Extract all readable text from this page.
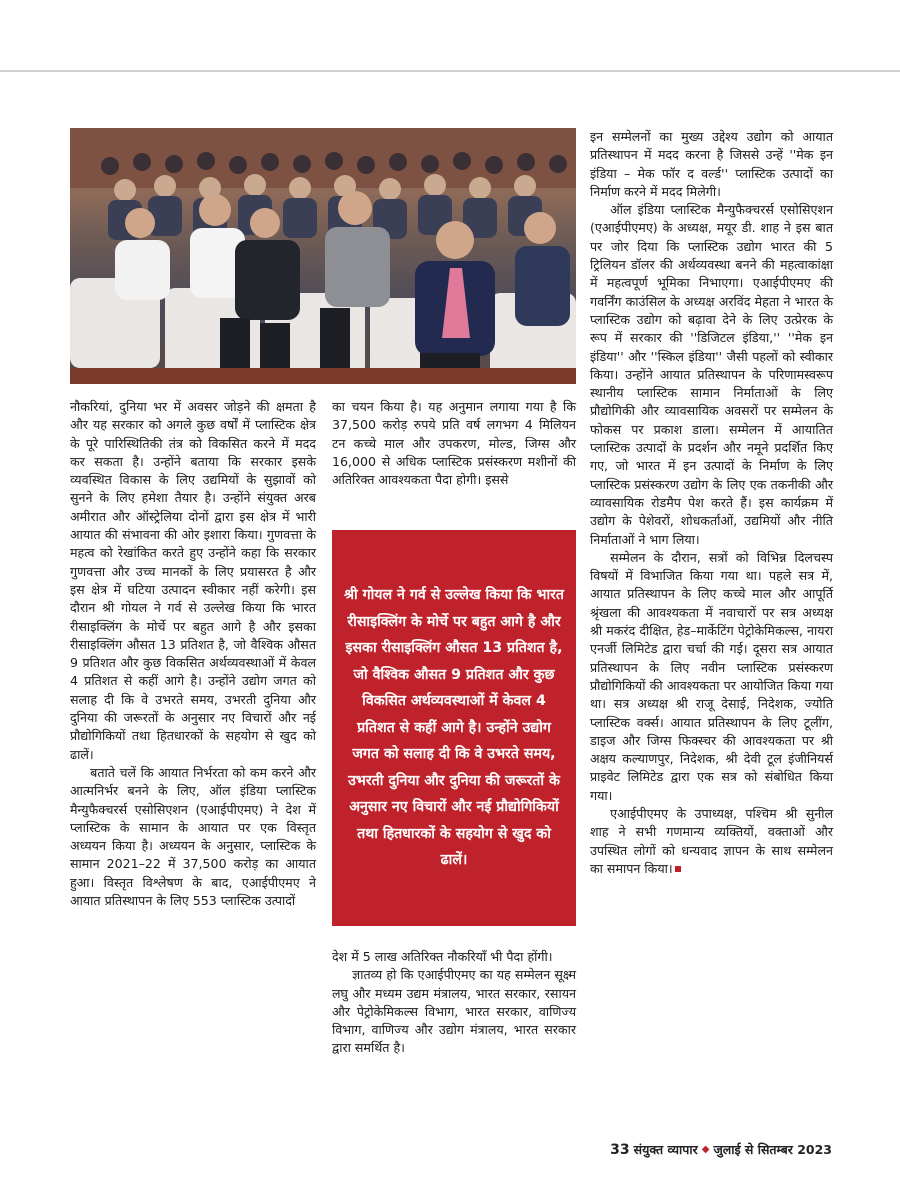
नौकरियां, दुनिया भर में अवसर जोड़ने की क्षमता है और यह सरकार को अगले कुछ वर्षों में प्लास्टिक क्षेत्र के पूरे पारिस्थितिकी तंत्र को विकसित करने में मदद कर सकता है। उन्होंने बताया कि सरकार इसके व्यवस्थित विकास के लिए उद्यमियों के सुझावों को सुनने के लिए हमेशा तैयार है। उन्होंने संयुक्त अरब अमीरात और ऑस्ट्रेलिया दोनों द्वारा इस क्षेत्र में भारी आयात की संभावना की ओर इशारा किया। गुणवत्ता के महत्व को रेखांकित करते हुए उन्होंने कहा कि सरकार गुणवत्ता और उच्च मानकों के लिए प्रयासरत है और इस क्षेत्र में घटिया उत्पादन स्वीकार नहीं करेगी। इस दौरान श्री गोयल ने गर्व से उल्लेख किया कि भारत रीसाइक्लिंग के मोर्चे पर बहुत आगे है और इसका रीसाइक्लिंग औसत 13 प्रतिशत है, जो वैश्विक औसत 9 प्रतिशत और कुछ विकसित अर्थव्यवस्थाओं में केवल 4 प्रतिशत से कहीं आगे है। उन्होंने उद्योग जगत को सलाह दी कि वे उभरते समय, उभरती दुनिया और दुनिया की जरूरतों के अनुसार नए विचारों और नई प्रौद्योगिकियों तथा हितधारकों के सहयोग से खुद को ढालें।

बताते चलें कि आयात निर्भरता को कम करने और आत्मनिर्भर बनने के लिए, ऑल इंडिया प्लास्टिक मैन्युफैक्चरर्स एसोसिएशन (एआईपीएमए) ने देश में प्लास्टिक के सामान के आयात पर एक विस्तृत अध्ययन किया है। अध्ययन के अनुसार, प्लास्टिक के सामान 2021–22 में 37,500 करोड़ का आयात हुआ। विस्तृत विश्लेषण के बाद, एआईपीएमए ने आयात प्रतिस्थापन के लिए 553 प्लास्टिक उत्पादों

का चयन किया है। यह अनुमान लगाया गया है कि 37,500 करोड़ रुपये प्रति वर्ष लगभग 4 मिलियन टन कच्चे माल और उपकरण, मोल्ड, जिग्स और 16,000 से अधिक प्लास्टिक प्रसंस्करण मशीनों की अतिरिक्त आवश्यकता पैदा होगी। इससे

श्री गोयल ने गर्व से उल्लेख किया कि भारत रीसाइक्लिंग के मोर्चे पर बहुत आगे है और इसका रीसाइक्लिंग औसत 13 प्रतिशत है, जो वैश्विक औसत 9 प्रतिशत और कुछ विकसित अर्थव्यवस्थाओं में केवल 4 प्रतिशत से कहीं आगे है। उन्होंने उद्योग जगत को सलाह दी कि वे उभरते समय, उभरती दुनिया और दुनिया की जरूरतों के अनुसार नए विचारों और नई प्रौद्योगिकियों तथा हितधारकों के सहयोग से खुद को ढालें।

देश में 5 लाख अतिरिक्त नौकरियाँ भी पैदा होंगी।

ज्ञातव्य हो कि एआईपीएमए का यह सम्मेलन सूक्ष्म लघु और मध्यम उद्यम मंत्रालय, भारत सरकार, रसायन और पेट्रोकेमिकल्स विभाग, भारत सरकार, वाणिज्य विभाग, वाणिज्य और उद्योग मंत्रालय, भारत सरकार द्वारा समर्थित है।

इन सम्मेलनों का मुख्य उद्देश्य उद्योग को आयात प्रतिस्थापन में मदद करना है जिससे उन्हें ''मेक इन इंडिया – मेक फॉर द वर्ल्ड'' प्लास्टिक उत्पादों का निर्माण करने में मदद मिलेगी।

ऑल इंडिया प्लास्टिक मैन्युफैक्चरर्स एसोसिएशन (एआईपीएमए) के अध्यक्ष, मयूर डी. शाह ने इस बात पर जोर दिया कि प्लास्टिक उद्योग भारत की 5 ट्रिलियन डॉलर की अर्थव्यवस्था बनने की महत्वाकांक्षा में महत्वपूर्ण भूमिका निभाएगा। एआईपीएमए की गवर्निंग काउंसिल के अध्यक्ष अरविंद मेहता ने भारत के प्लास्टिक उद्योग को बढ़ावा देने के लिए उत्प्रेरक के रूप में सरकार की ''डिजिटल इंडिया,'' ''मेक इन इंडिया'' और ''स्किल इंडिया'' जैसी पहलों को स्वीकार किया। उन्होंने आयात प्रतिस्थापन के परिणामस्वरूप स्थानीय प्लास्टिक सामान निर्माताओं के लिए प्रौद्योगिकी और व्यावसायिक अवसरों पर सम्मेलन के फोकस पर प्रकाश डाला। सम्मेलन में आयातित प्लास्टिक उत्पादों के प्रदर्शन और नमूने प्रदर्शित किए गए, जो भारत में इन उत्पादों के निर्माण के लिए प्लास्टिक प्रसंस्करण उद्योग के लिए एक तकनीकी और व्यावसायिक रोडमैप पेश करते हैं। इस कार्यक्रम में उद्योग के पेशेवरों, शोधकर्ताओं, उद्यमियों और नीति निर्माताओं ने भाग लिया।

सम्मेलन के दौरान, सत्रों को विभिन्न दिलचस्प विषयों में विभाजित किया गया था। पहले सत्र में, आयात प्रतिस्थापन के लिए कच्चे माल और आपूर्ति श्रृंखला की आवश्यकता में नवाचारों पर सत्र अध्यक्ष श्री मकरंद दीक्षित, हेड–मार्केटिंग पेट्रोकेमिकल्स, नायरा एनर्जी लिमिटेड द्वारा चर्चा की गई। दूसरा सत्र आयात प्रतिस्थापन के लिए नवीन प्लास्टिक प्रसंस्करण प्रौद्योगिकियों की आवश्यकता पर आयोजित किया गया था। सत्र अध्यक्ष श्री राजू देसाई, निदेशक, ज्योति प्लास्टिक वर्क्स। आयात प्रतिस्थापन के लिए टूलींग, डाइज और जिग्स फिक्स्चर की आवश्यकता पर श्री अक्षय कल्याणपुर, निदेशक, श्री देवी टूल इंजीनियर्स प्राइवेट लिमिटेड द्वारा एक सत्र को संबोधित किया गया।

एआईपीएमए के उपाध्यक्ष, पश्चिम श्री सुनील शाह ने सभी गणमान्य व्यक्तियों, वक्ताओं और उपस्थित लोगों को धन्यवाद ज्ञापन के साथ सम्मेलन का समापन किया।

33 संयुक्त व्यापार ◆ जुलाई से सितम्बर 2023
